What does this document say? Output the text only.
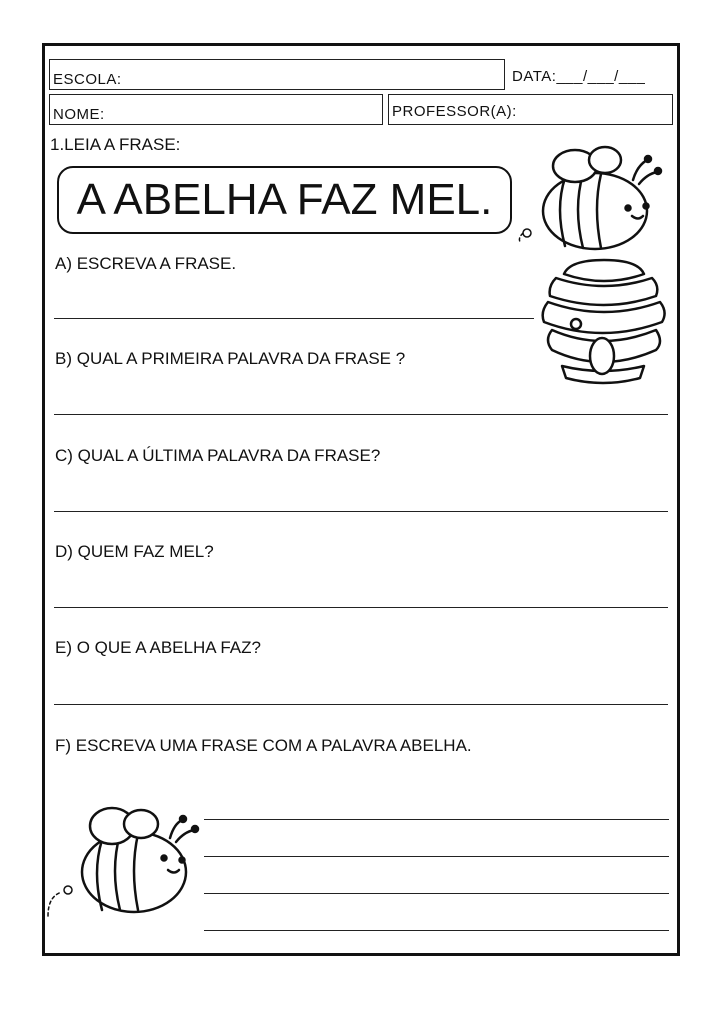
ESCOLA:	DATA:___/___/___
NOME:	PROFESSOR(A):
1.LEIA A FRASE:
A ABELHA FAZ MEL.
A) ESCREVA A FRASE.
B) QUAL A PRIMEIRA PALAVRA DA FRASE ?
C) QUAL A ÚLTIMA PALAVRA DA FRASE?
D) QUEM FAZ MEL?
E) O QUE A ABELHA FAZ?
F) ESCREVA UMA FRASE COM A PALAVRA ABELHA.
